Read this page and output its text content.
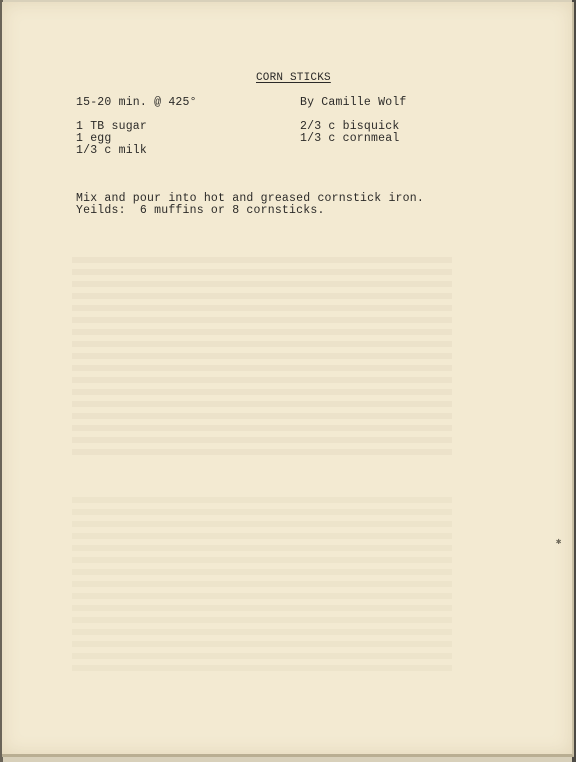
CORN STICKS
15-20 min. @ 425°	By Camille Wolf
1 TB sugar
1 egg
1/3 c milk
2/3 c bisquick
1/3 c cornmeal
Mix and pour into hot and greased cornstick iron.
Yeilds:  6 muffins or 8 cornsticks.
✱
